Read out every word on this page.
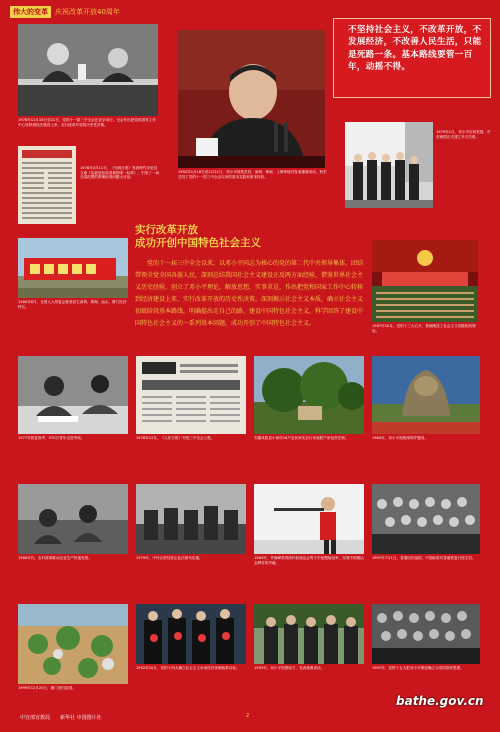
伟大的变革	庆祝改革开放40周年
1978年12月18日至22日，党的十一届三中全会在北京举行。全会作出把党和国家工作中心转移到经济建设上来、实行改革开放的历史性决策。
1978年5月11日，《光明日报》发表特约评论员文章《实践是检验真理的唯一标准》，引发了一场全国范围的真理标准问题大讨论。
1992年1月18日至2月21日，邓小平视察武昌、深圳、珠海、上海等地并发表重要谈话，科学总结了党的十一届三中全会以来的基本实践和基本经验。
不坚持社会主义，不改革开放，不发展经济，不改善人民生活，只能是死路一条。基本路线要管一百年，动摇不得。
1979年1月，邓小平访问美国，中美两国正式建立外交关系。
1980年8月，全国人大常委会批准设立深圳、珠海、汕头、厦门经济特区。
实行改革开放
成功开创中国特色社会主义
党的十一届三中全会以来，以邓小平同志为核心的党的第二代中央领导集体，团结带领全党全国各族人民，深刻总结我国社会主义建设正反两方面经验，借鉴世界社会主义历史经验，创立了邓小平理论，解放思想，实事求是，作出把党和国家工作中心转移到经济建设上来、实行改革开放的历史性决策，深刻揭示社会主义本质，确立社会主义初级阶段基本路线，明确提出走自己的路、建设中国特色社会主义，科学回答了建设中国特色社会主义的一系列基本问题，成功开创了中国特色社会主义。	1987年10月，党的十三大召开，系统阐述了社会主义初级阶段理论。
1977年恢复高考，570万青年走进考场。	1978年12月，《人民日报》刊发三中全会公报。	安徽凤阳县小岗村18户农民率先实行家庭联产承包责任制。	1984年，邓小平视察深圳并题词。
1980年代，农村改革推动农业生产快速发展。	1979年，中外合资经营企业法颁布实施。	1984年，许海峰获得洛杉矶奥运会男子手枪慢射冠军，实现中国奥运金牌零的突破。
1997年7月1日，香港回归祖国，中国政府对香港恢复行使主权。
1999年12月20日，澳门回归祖国。
1992年10月，党的十四大确立社会主义市场经济体制改革目标。	1992年，邓小平视察南方，发表重要谈话。	1997年，党的十五大把邓小平理论确立为党的指导思想。
2
bathe.gov.cn
中宣部宣教局 新华社 中国图片社
